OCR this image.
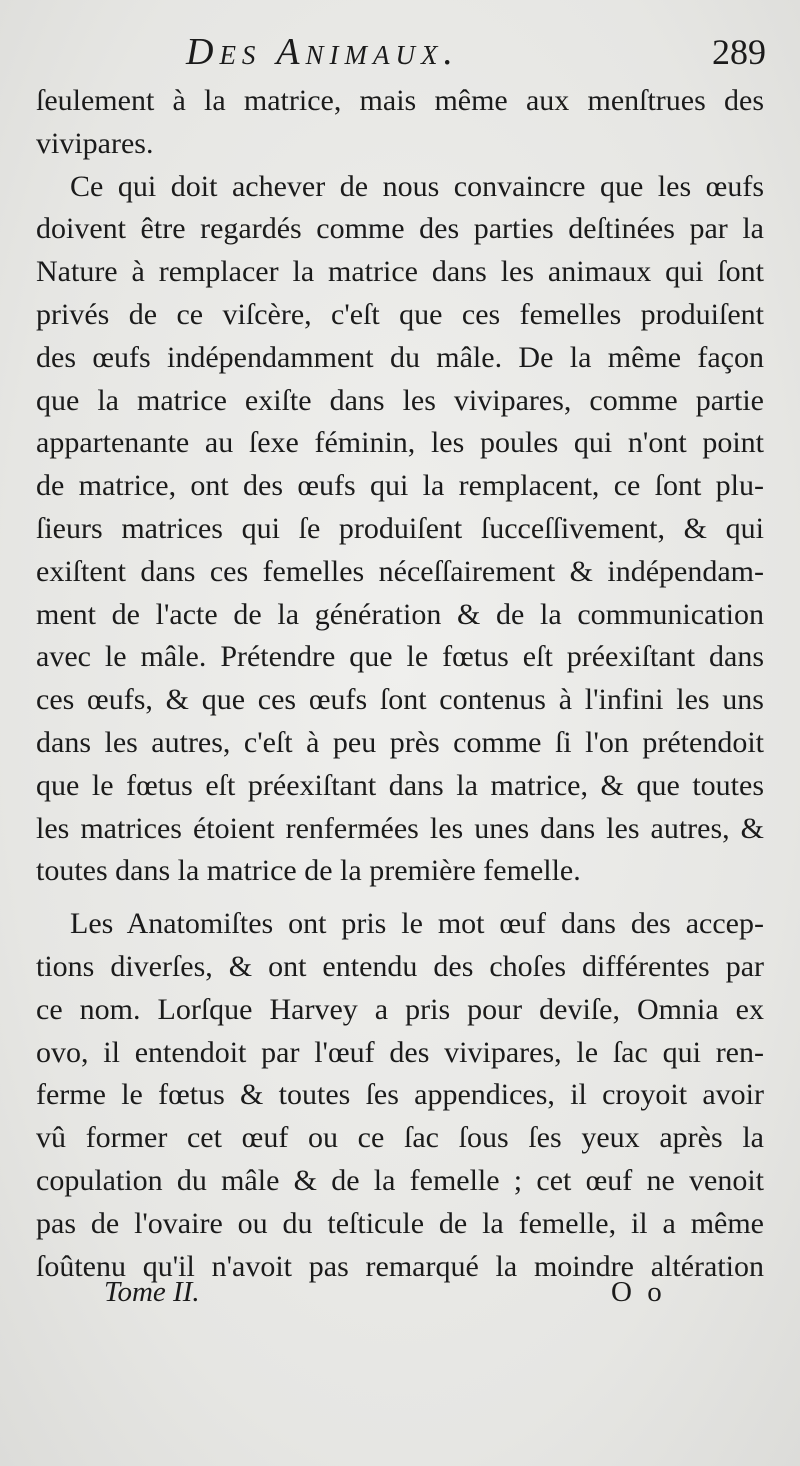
Des Animaux.	289
ſeulement à la matrice, mais même aux menſtrues des
vivipares.
Ce qui doit achever de nous convaincre que les œufs
doivent être regardés comme des parties deſtinées par la
Nature à remplacer la matrice dans les animaux qui ſont
privés de ce viſcère, c'eſt que ces femelles produiſent
des œufs indépendamment du mâle. De la même façon
que la matrice exiſte dans les vivipares, comme partie
appartenante au ſexe féminin, les poules qui n'ont point
de matrice, ont des œufs qui la remplacent, ce ſont plu-
ſieurs matrices qui ſe produiſent ſucceſſivement, & qui
exiſtent dans ces femelles néceſſairement & indépendam-
ment de l'acte de la génération & de la communication
avec le mâle. Prétendre que le fœtus eſt préexiſtant dans
ces œufs, & que ces œufs ſont contenus à l'infini les uns
dans les autres, c'eſt à peu près comme ſi l'on prétendoit
que le fœtus eſt préexiſtant dans la matrice, & que toutes
les matrices étoient renfermées les unes dans les autres, &
toutes dans la matrice de la première femelle.
Les Anatomiſtes ont pris le mot œuf dans des accep-
tions diverſes, & ont entendu des choſes différentes par
ce nom. Lorſque Harvey a pris pour deviſe, Omnia ex
ovo, il entendoit par l'œuf des vivipares, le ſac qui ren-
ferme le fœtus & toutes ſes appendices, il croyoit avoir
vû former cet œuf ou ce ſac ſous ſes yeux après la
copulation du mâle & de la femelle ; cet œuf ne venoit
pas de l'ovaire ou du teſticule de la femelle, il a même
ſoûtenu qu'il n'avoit pas remarqué la moindre altération
Tome II.	O o
